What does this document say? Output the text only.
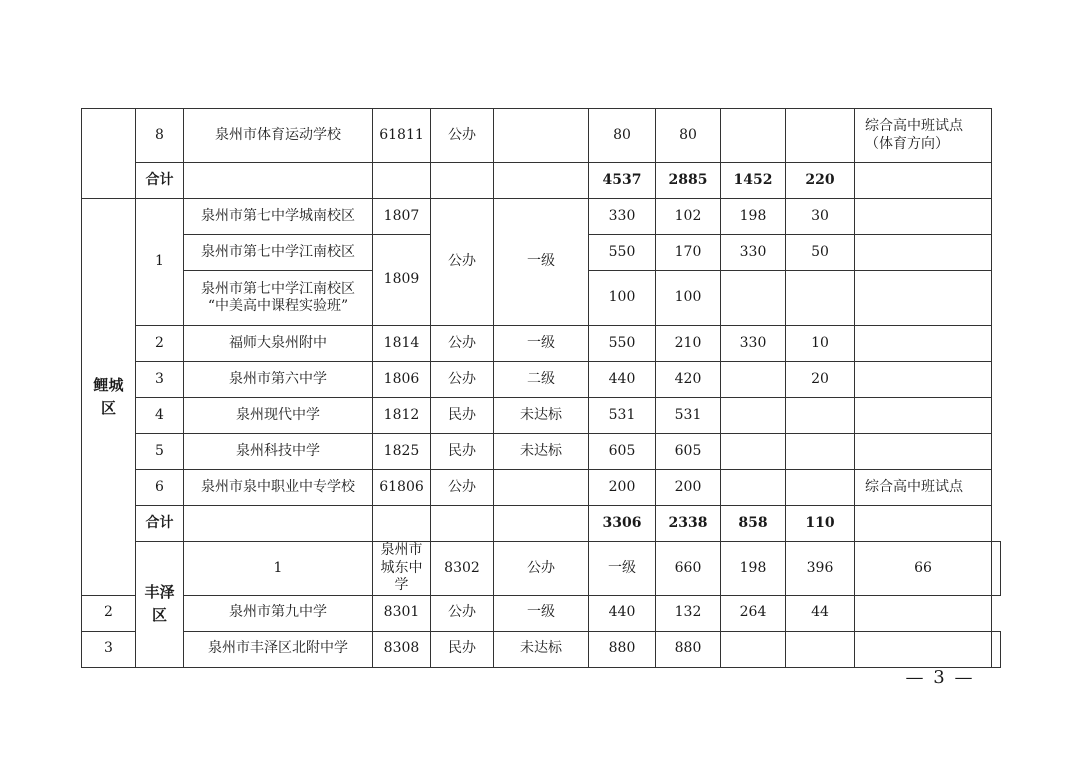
	8	泉州市体育运动学校	61811	公办		80	80			综合高中班试点
（体育方向）	

	合计					4537	2885	1452	220		

鲤城
区	1	泉州市第七中学城南校区	1807	公办	一级	330	102	198	30		
		泉州市第七中学江南校区	1809			550	170	330	50		

		泉州市第七中学江南校区
“中美高中课程实验班”				100	100				
	2	福师大泉州附中	1814	公办	一级	550	210	330	10		
	3	泉州市第六中学	1806	公办	二级	440	420		20		
	4	泉州现代中学	1812	民办	未达标	531	531				
	5	泉州科技中学	1825	民办	未达标	605	605				
	6	泉州市泉中职业中专学校	61806	公办		200	200			综合高中班试点	
	合计					3306	2338	858	110		

	丰泽
区	1	泉州市城东中学	8302	公办	一级	660	198	396	66	
2		泉州市第九中学	8301	公办	一级	440	132	264	44		
3		泉州市丰泽区北附中学	8308	民办	未达标	880	880				
— 3 —
